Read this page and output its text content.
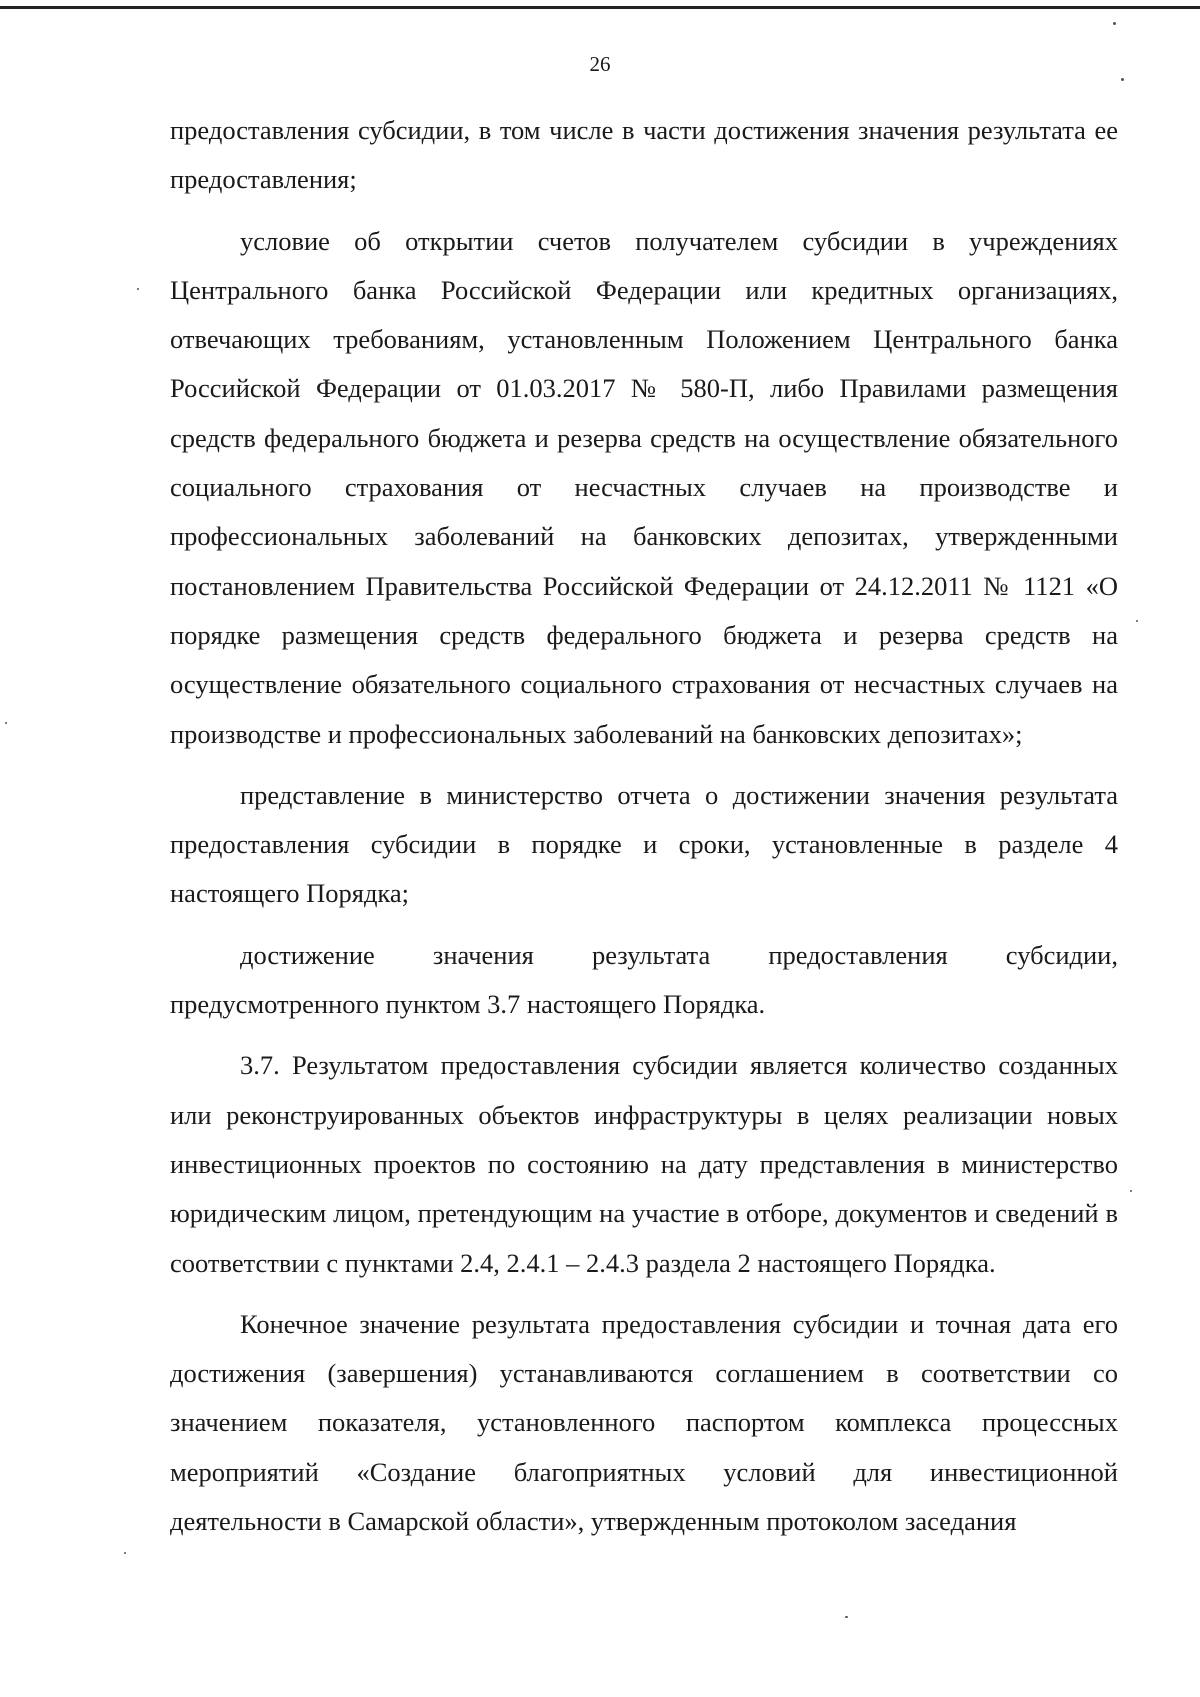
26

предоставления субсидии, в том числе в части достижения значения результата ее предоставления;

условие об открытии счетов получателем субсидии в учреждениях Центрального банка Российской Федерации или кредитных организациях, отвечающих требованиям, установленным Положением Центрального банка Российской Федерации от 01.03.2017 № 580-П, либо Правилами размещения средств федерального бюджета и резерва средств на осуществление обязательного социального страхования от несчастных случаев на производстве и профессиональных заболеваний на банковских депозитах, утвержденными постановлением Правительства Российской Федерации от 24.12.2011 № 1121 «О порядке размещения средств федерального бюджета и резерва средств на осуществление обязательного социального страхования от несчастных случаев на производстве и профессиональных заболеваний на банковских депозитах»;

представление в министерство отчета о достижении значения результата предоставления субсидии в порядке и сроки, установленные в разделе 4 настоящего Порядка;

достижение значения результата предоставления субсидии, предусмотренного пунктом 3.7 настоящего Порядка.

3.7. Результатом предоставления субсидии является количество созданных или реконструированных объектов инфраструктуры в целях реализации новых инвестиционных проектов по состоянию на дату представления в министерство юридическим лицом, претендующим на участие в отборе, документов и сведений в соответствии с пунктами 2.4, 2.4.1 – 2.4.3 раздела 2 настоящего Порядка.

Конечное значение результата предоставления субсидии и точная дата его достижения (завершения) устанавливаются соглашением в соответствии со значением показателя, установленного паспортом комплекса процессных мероприятий «Создание благоприятных условий для инвестиционной деятельности в Самарской области», утвержденным протоколом заседания
